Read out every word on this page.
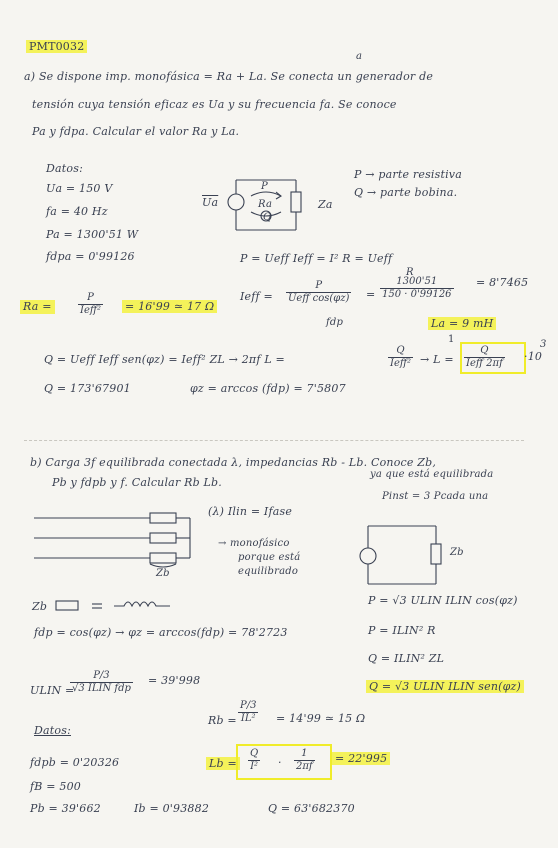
PMT0032
a
a) Se dispone imp. monofásica = Ra + La. Se conecta un generador de
tensión cuya tensión eficaz es Ua y su frecuencia fa. Se conoce
Pa y fdpa. Calcular el valor Ra y La.
Datos:
Ua = 150 V
fa = 40 Hz
Pa = 1300'51 W
fdpa = 0'99126
$\overline{Ua}$	Za
P
Ra
Q
P → parte resistiva
Q → parte bobina.
P = Ueff Ieff = I² R = Ueff
R
Ra =
P
Ieff² = 16'99 ≃ 17 Ω
Ieff =
P
Ueff cos(φz)
fdp
= $\frac{1300'51}{150 \cdot 0'99126} = 8'7465$
La = 9 mH
Q = Ueff Ieff sen(φz) = Ieff² ZL → 2πf L =
Q
Ieff² → L =
1
Q
Ieff 2πf
·10
3
Q = 173'67901	φz = arccos (fdp) = 7'5807
b) Carga 3f equilibrada conectada λ, impedancias Rb - Lb. Conoce Zb,
Pb y fdpb y f. Calcular Rb Lb.
ya que está equilibrada
Pinst = 3 Pcada una
Zb
(λ) Ilin = Ifase
→ monofásico
porque está
equilibrado
Zb
Zb	P = √3 ULIN ILIN cos(φz)
P = ILIN² R
Q = ILIN² ZL
Q = √3 ULIN ILIN sen(φz)
fdp = cos(φz) → φz = arccos(fdp) = 78'2723
ULIN =
P/3
√3 ILIN fdp
= 39'998
$Rb = \frac{P/3}{\text{IL²}} = 14'99$ ≃ 15 Ω
Datos:
fdpb = 0'20326
fB = 500
Pb = 39'662	Ib = 0'93882
Lb =	$\frac{Q}{\text{I²}} \cdot \frac{1}{2\pi f} = 22'995$
Q = 63'682370
